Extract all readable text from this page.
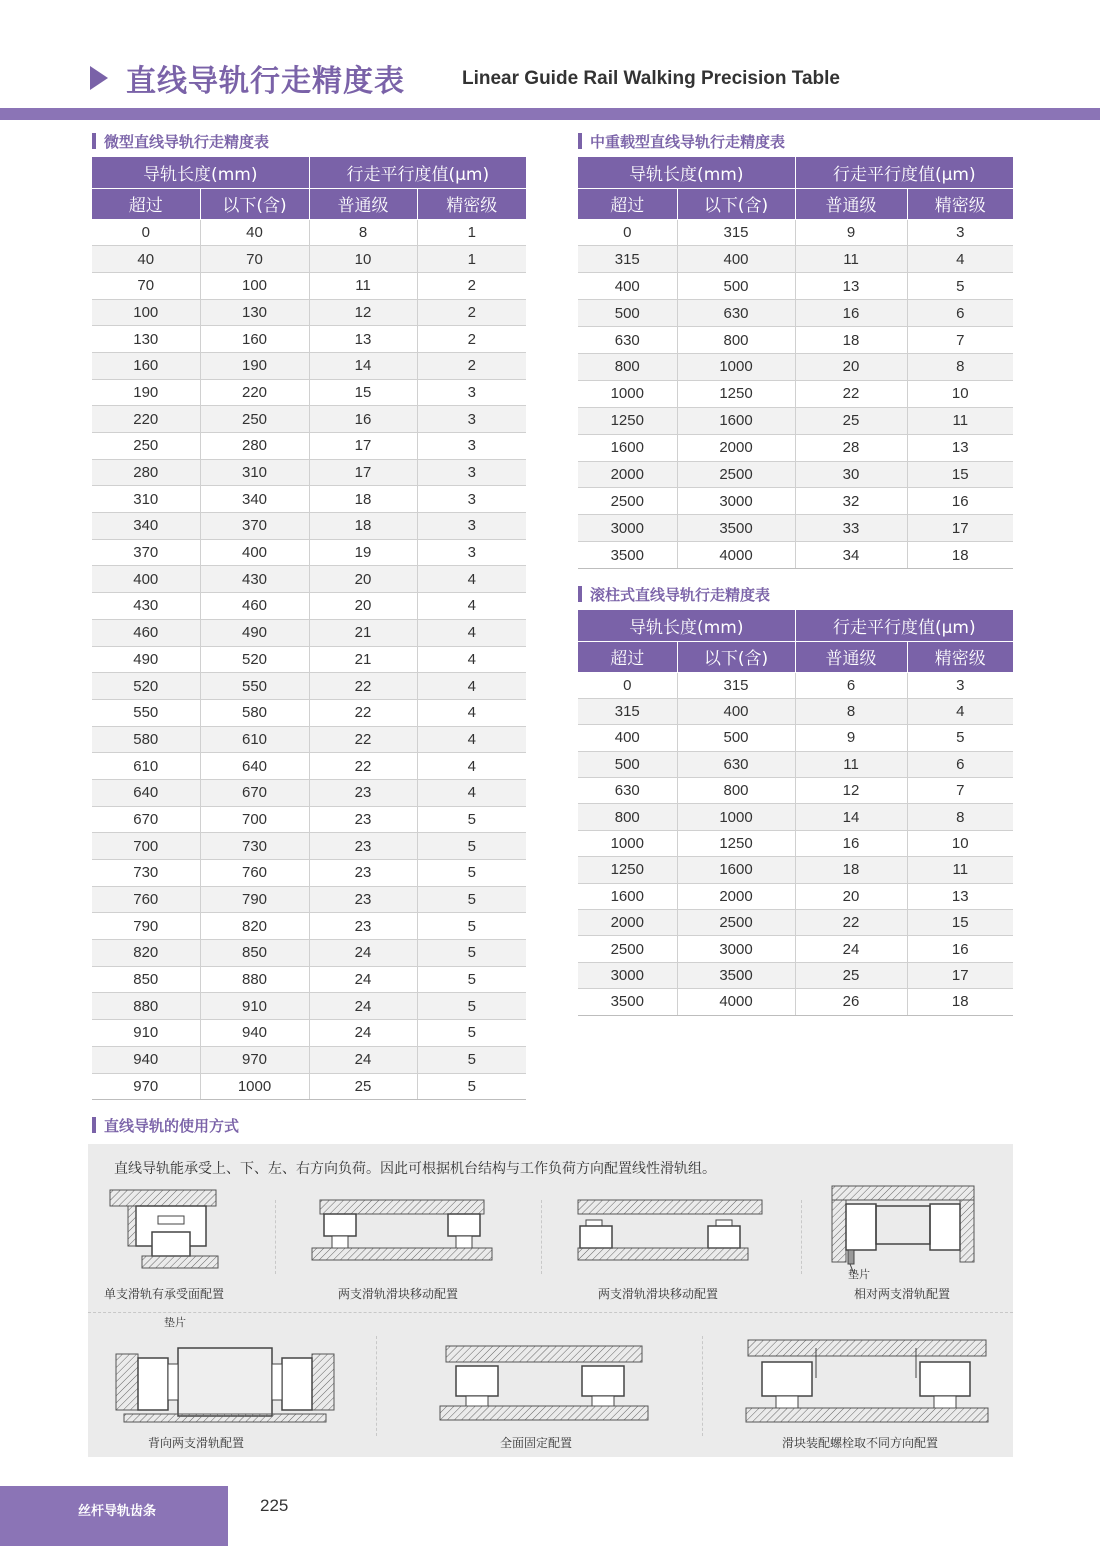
直线导轨行走精度表	Linear Guide Rail Walking Precision Table
微型直线导轨行走精度表
导轨长度(mm)		行走平行度值(μm)	
超过	以下(含)	普通级	精密级
0	40	8	1
40	70	10	1
70	100	11	2
100	130	12	2
130	160	13	2
160	190	14	2
190	220	15	3
220	250	16	3
250	280	17	3
280	310	17	3
310	340	18	3
340	370	18	3
370	400	19	3
400	430	20	4
430	460	20	4
460	490	21	4
490	520	21	4
520	550	22	4
550	580	22	4
580	610	22	4
610	640	22	4
640	670	23	4
670	700	23	5
700	730	23	5
730	760	23	5
760	790	23	5
790	820	23	5
820	850	24	5
850	880	24	5
880	910	24	5
910	940	24	5
940	970	24	5
970	1000	25	5
中重载型直线导轨行走精度表
导轨长度(mm)		行走平行度值(μm)	
超过	以下(含)	普通级	精密级
0	315	9	3
315	400	11	4
400	500	13	5
500	630	16	6
630	800	18	7
800	1000	20	8
1000	1250	22	10
1250	1600	25	11
1600	2000	28	13
2000	2500	30	15
2500	3000	32	16
3000	3500	33	17
3500	4000	34	18
滚柱式直线导轨行走精度表
导轨长度(mm)		行走平行度值(μm)	
超过	以下(含)	普通级	精密级
0	315	6	3
315	400	8	4
400	500	9	5
500	630	11	6
630	800	12	7
800	1000	14	8
1000	1250	16	10
1250	1600	18	11
1600	2000	20	13
2000	2500	22	15
2500	3000	24	16
3000	3500	25	17
3500	4000	26	18
直线导轨的使用方式
直线导轨能承受上、下、左、右方向负荷。因此可根据机台结构与工作负荷方向配置线性滑轨组。
垫片
垫片
单支滑轨有承受面配置	两支滑轨滑块移动配置	两支滑轨滑块移动配置	相对两支滑轨配置
背向两支滑轨配置	全面固定配置	滑块装配螺栓取不同方向配置
丝杆导轨齿条	225
